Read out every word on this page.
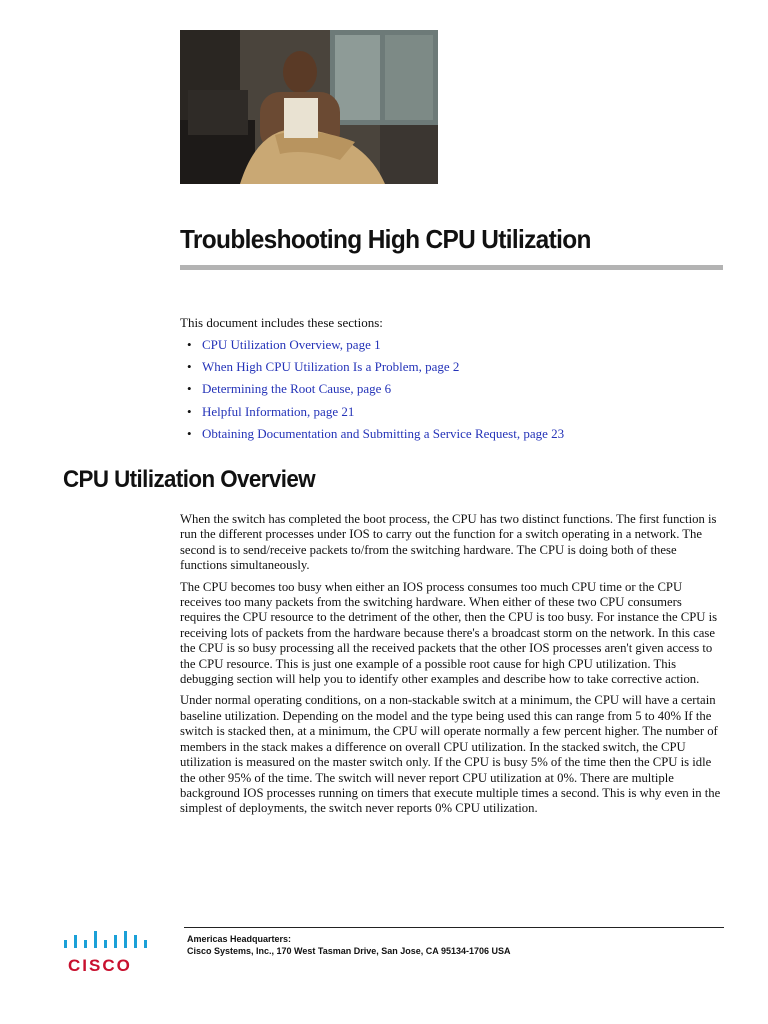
Troubleshooting High CPU Utilization
This document includes these sections:
• CPU Utilization Overview, page 1
• When High CPU Utilization Is a Problem, page 2
• Determining the Root Cause, page 6
• Helpful Information, page 21
• Obtaining Documentation and Submitting a Service Request, page 23
CPU Utilization Overview

When the switch has completed the boot process, the CPU has two distinct functions. The first function is run the different processes under IOS to carry out the function for a switch operating in a network. The second is to send/receive packets to/from the switching hardware. The CPU is doing both of these functions simultaneously.

The CPU becomes too busy when either an IOS process consumes too much CPU time or the CPU receives too many packets from the switching hardware. When either of these two CPU consumers requires the CPU resource to the detriment of the other, then the CPU is too busy. For instance the CPU is receiving lots of packets from the hardware because there's a broadcast storm on the network. In this case the CPU is so busy processing all the received packets that the other IOS processes aren't given access to the CPU resource. This is just one example of a possible root cause for high CPU utilization. This debugging section will help you to identify other examples and describe how to take corrective action.

Under normal operating conditions, on a non-stackable switch at a minimum, the CPU will have a certain baseline utilization. Depending on the model and the type being used this can range from 5 to 40% If the switch is stacked then, at a minimum, the CPU will operate normally a few percent higher. The number of members in the stack makes a difference on overall CPU utilization. In the stacked switch, the CPU utilization is measured on the master switch only. If the CPU is busy 5% of the time then the CPU is idle the other 95% of the time. The switch will never report CPU utilization at 0%. There are multiple background IOS processes running on timers that execute multiple times a second. This is why even in the simplest of deployments, the switch never reports 0% CPU utilization.

CISCO
Americas Headquarters:
Cisco Systems, Inc., 170 West Tasman Drive, San Jose, CA 95134-1706 USA
